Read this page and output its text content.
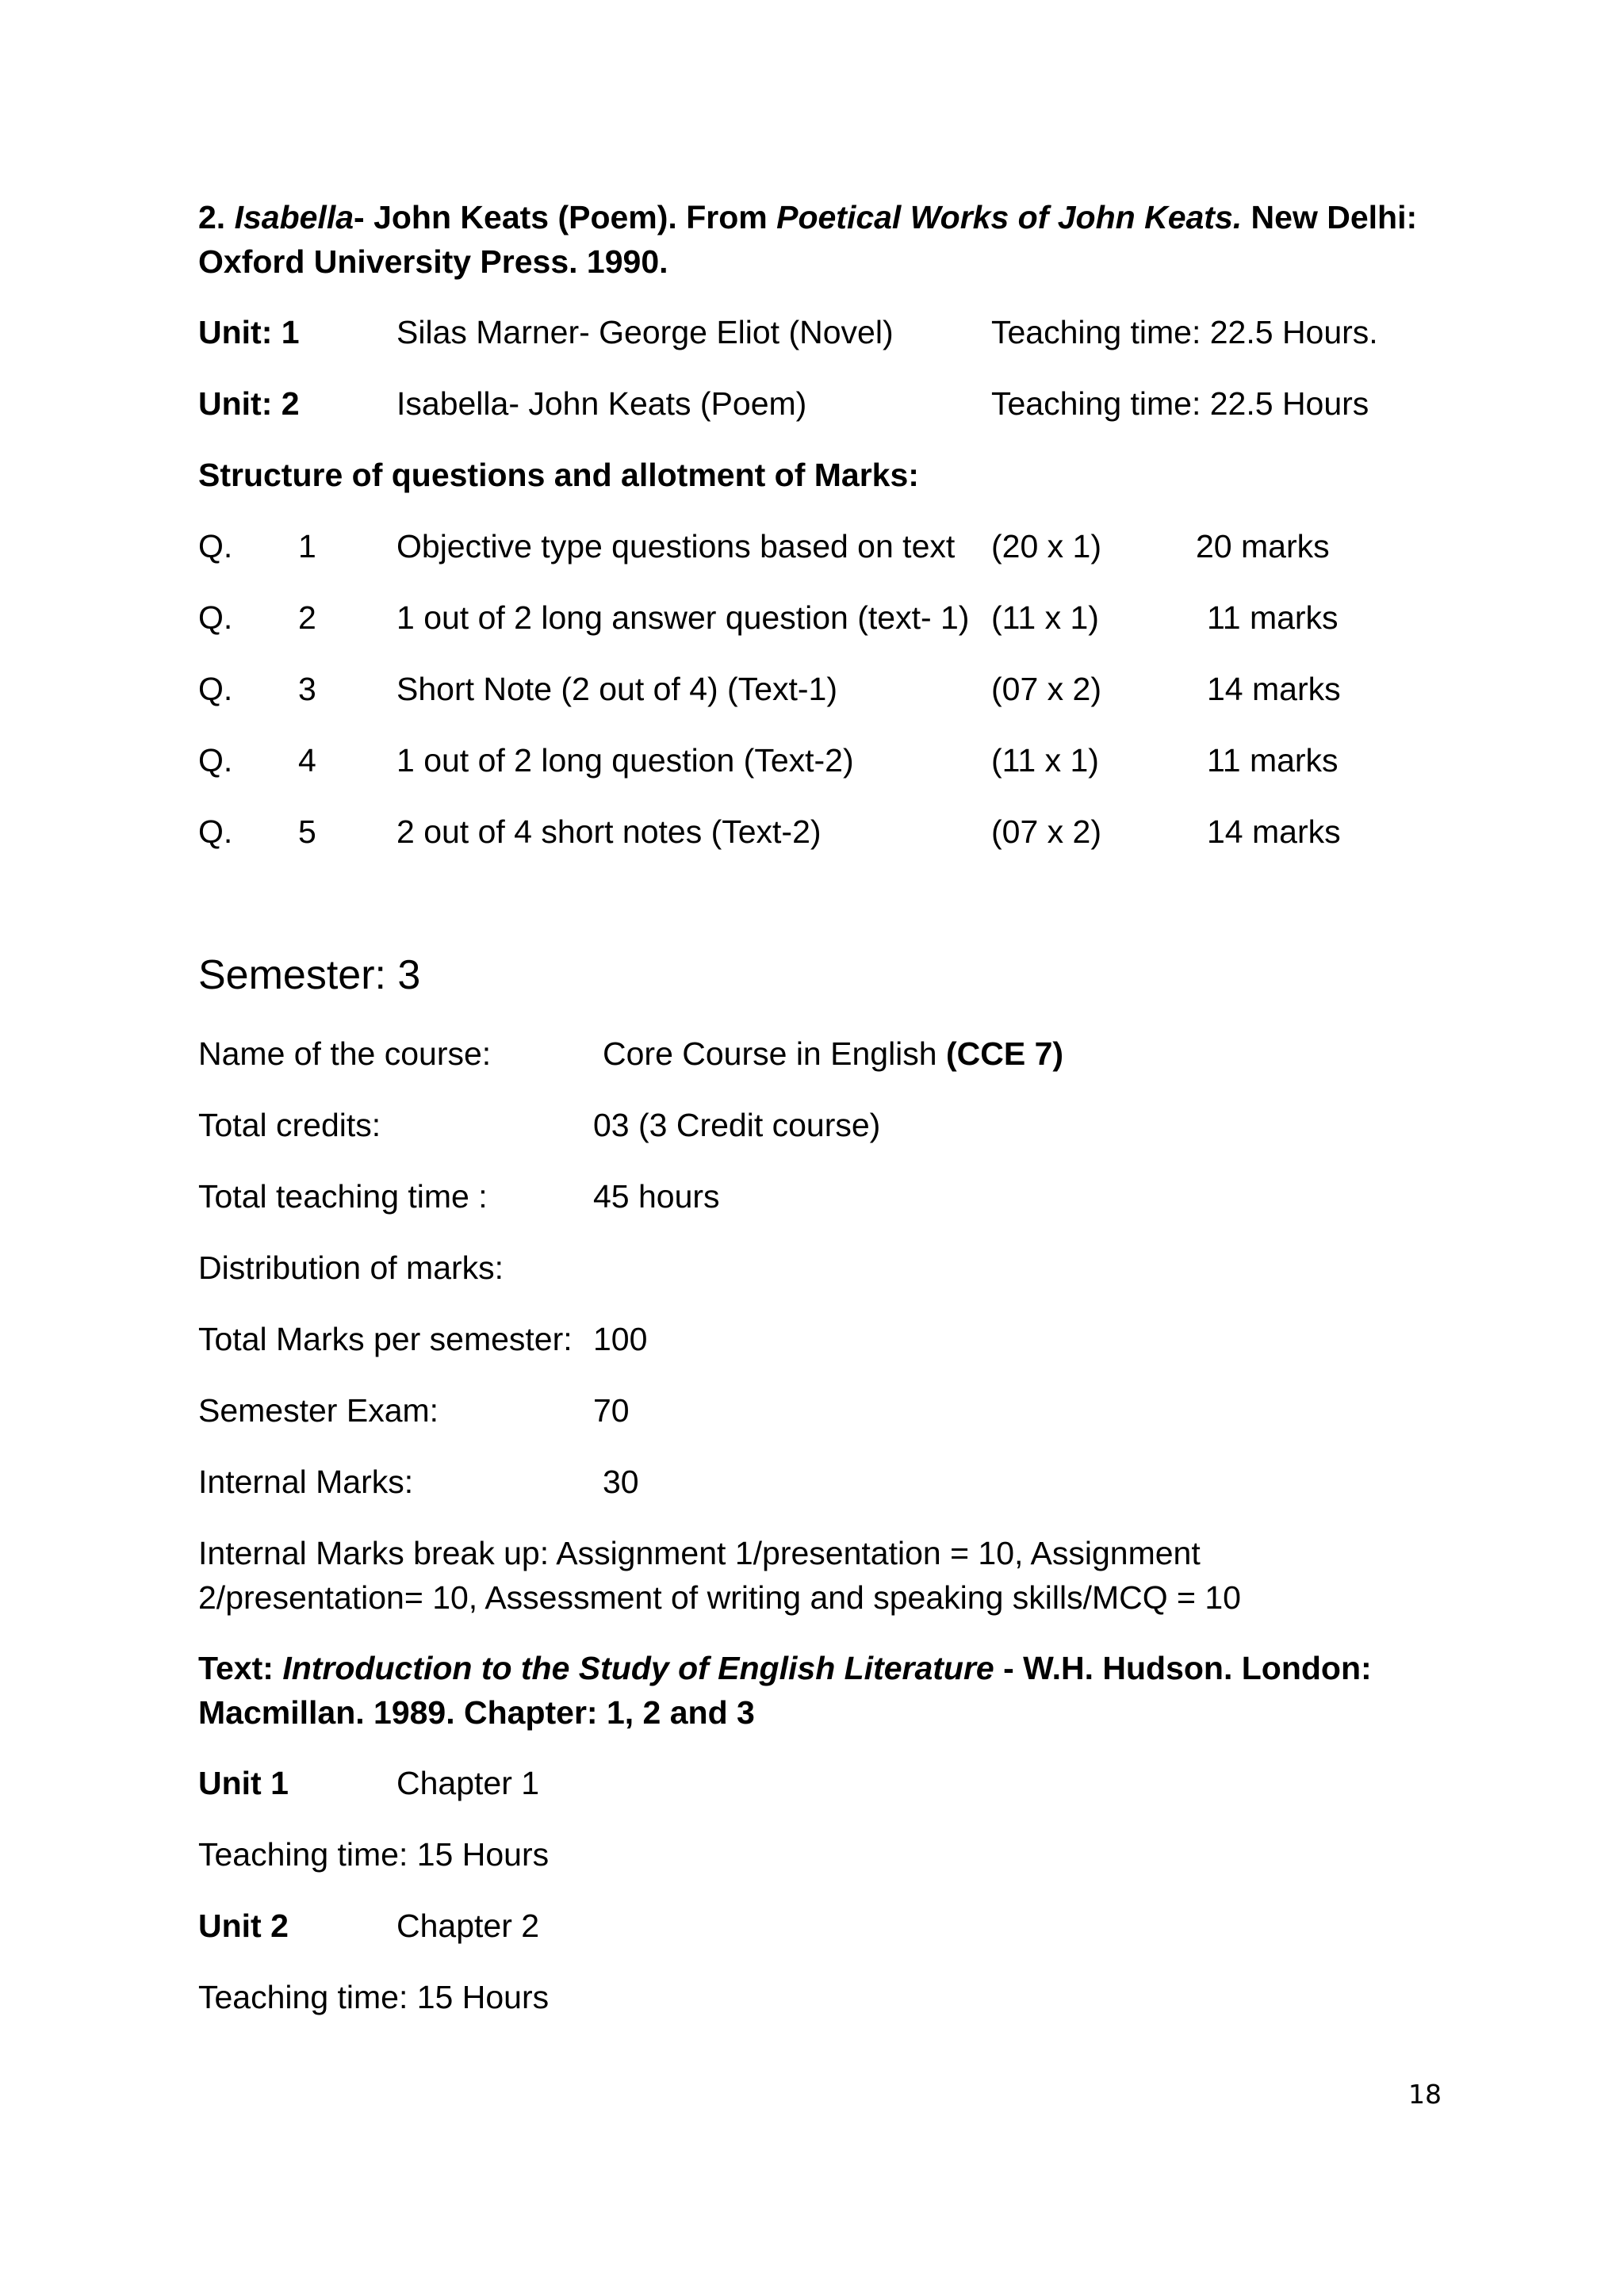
2. Isabella- John Keats (Poem). From Poetical Works of John Keats. New Delhi:
Oxford University Press. 1990.
Unit: 1	Silas Marner- George Eliot (Novel)	Teaching time: 22.5 Hours.
Unit: 2	Isabella- John Keats (Poem)	Teaching time: 22.5 Hours
Structure of questions and allotment of Marks:
Q. 1 Objective type questions based on text (20 x 1)	20 marks
Q. 2 1 out of 2 long answer question (text- 1) (11 x 1)	11 marks
Q. 3 Short Note (2 out of 4) (Text-1)	(07 x 2)	14 marks
Q. 4 1 out of 2 long question (Text-2)	(11 x 1)	11 marks
Q. 5 2 out of 4 short notes (Text-2)	(07 x 2)	14 marks
Semester: 3
Name of the course:	Core Course in English (CCE 7)
Total credits:	03 (3 Credit course)
Total teaching time :	45 hours
Distribution of marks:
Total Marks per semester: 100
Semester Exam:	70
Internal Marks:	30
Internal Marks break up: Assignment 1/presentation = 10, Assignment
2/presentation= 10, Assessment of writing and speaking skills/MCQ = 10
Text: Introduction to the Study of English Literature - W.H. Hudson. London:
Macmillan. 1989. Chapter: 1, 2 and 3
Unit 1	Chapter 1
Teaching time: 15 Hours
Unit 2	Chapter 2
Teaching time: 15 Hours
18
